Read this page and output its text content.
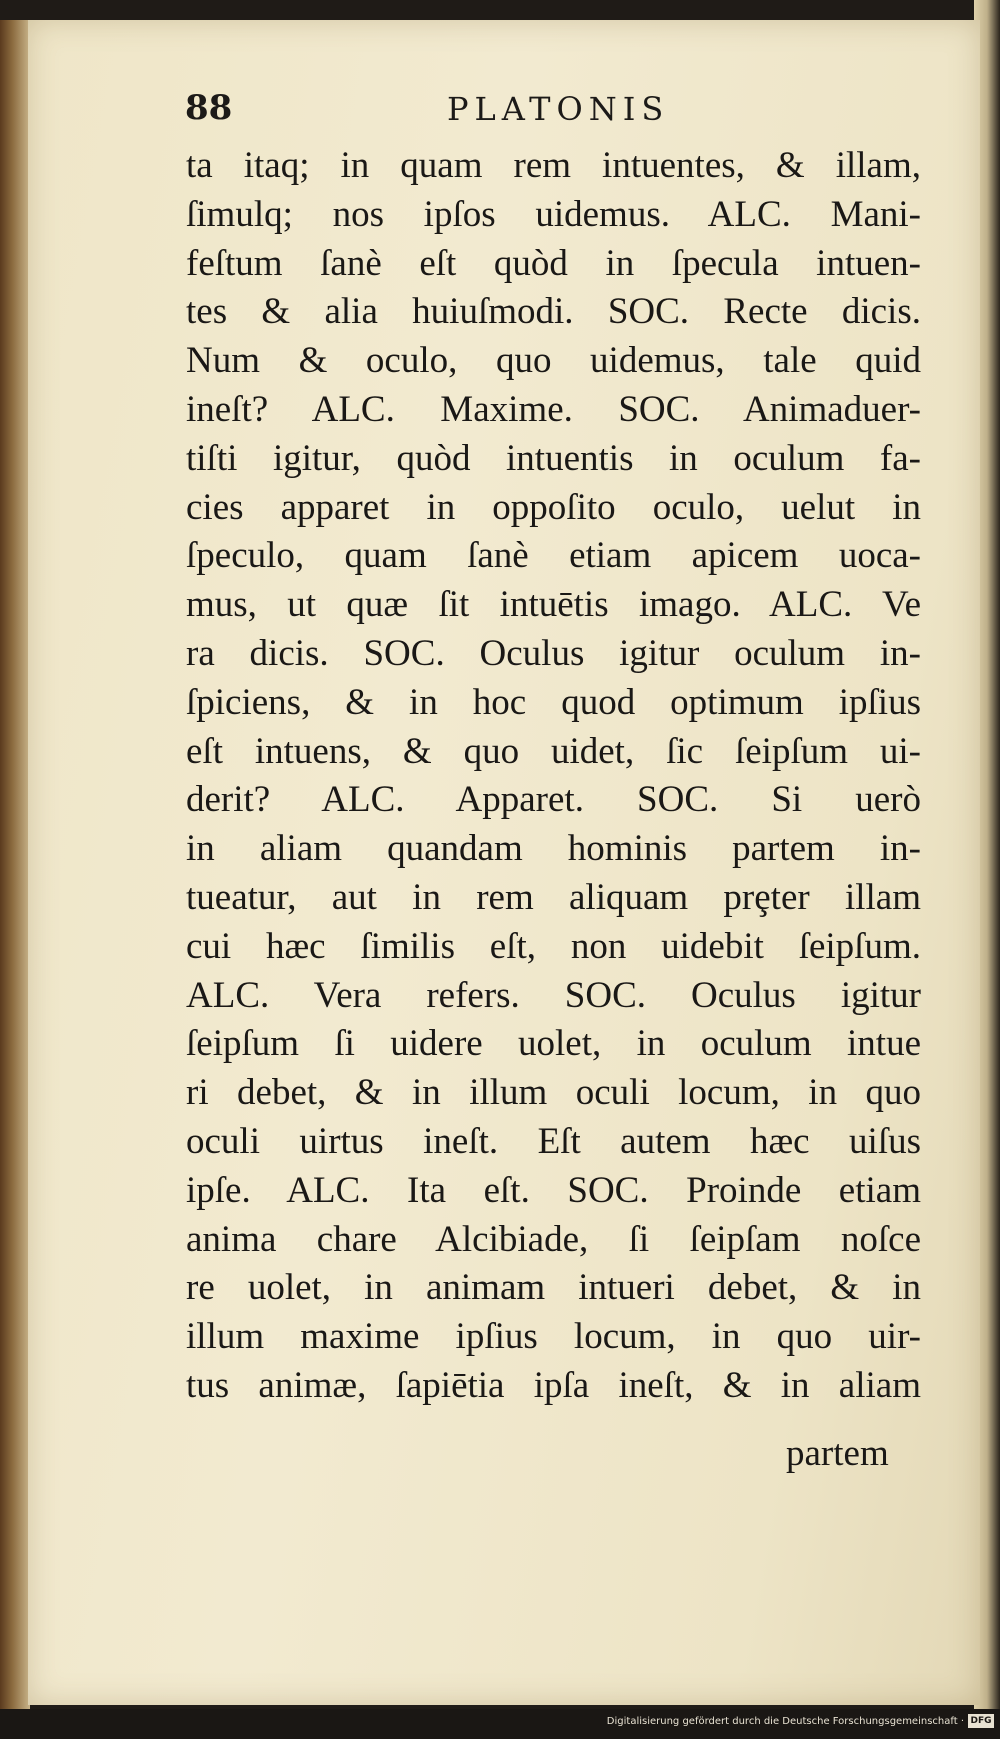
88	PLATONIS
ta itaq; in quam rem intuentes, & illam,
ſimulq; nos ipſos uidemus. ALC. Mani-
feſtum ſanè eſt quòd in ſpecula intuen-
tes & alia huiuſmodi. SOC. Recte dicis.
Num & oculo, quo uidemus, tale quid
ineſt? ALC. Maxime. SOC. Animaduer-
tiſti igitur, quòd intuentis in oculum fa-
cies apparet in oppoſito oculo, uelut in
ſpeculo, quam ſanè etiam apicem uoca-
mus, ut quæ ſit intuētis imago. ALC. Ve
ra dicis. SOC. Oculus igitur oculum in-
ſpiciens, & in hoc quod optimum ipſius
eſt intuens, & quo uidet, ſic ſeipſum ui-
derit? ALC. Apparet. SOC. Si uerò
in aliam quandam hominis partem in-
tueatur, aut in rem aliquam prȩter illam
cui hæc ſimilis eſt, non uidebit ſeipſum.
ALC. Vera refers. SOC. Oculus igitur
ſeipſum ſi uidere uolet, in oculum intue
ri debet, & in illum oculi locum, in quo
oculi uirtus ineſt. Eſt autem hæc uiſus
ipſe. ALC. Ita eſt. SOC. Proinde etiam
anima chare Alcibiade, ſi ſeipſam noſce
re uolet, in animam intueri debet, & in
illum maxime ipſius locum, in quo uir-
tus animæ, ſapiētia ipſa ineſt, & in aliam
partem
Digitalisierung gefördert durch die Deutsche Forschungsgemeinschaft · DFG
